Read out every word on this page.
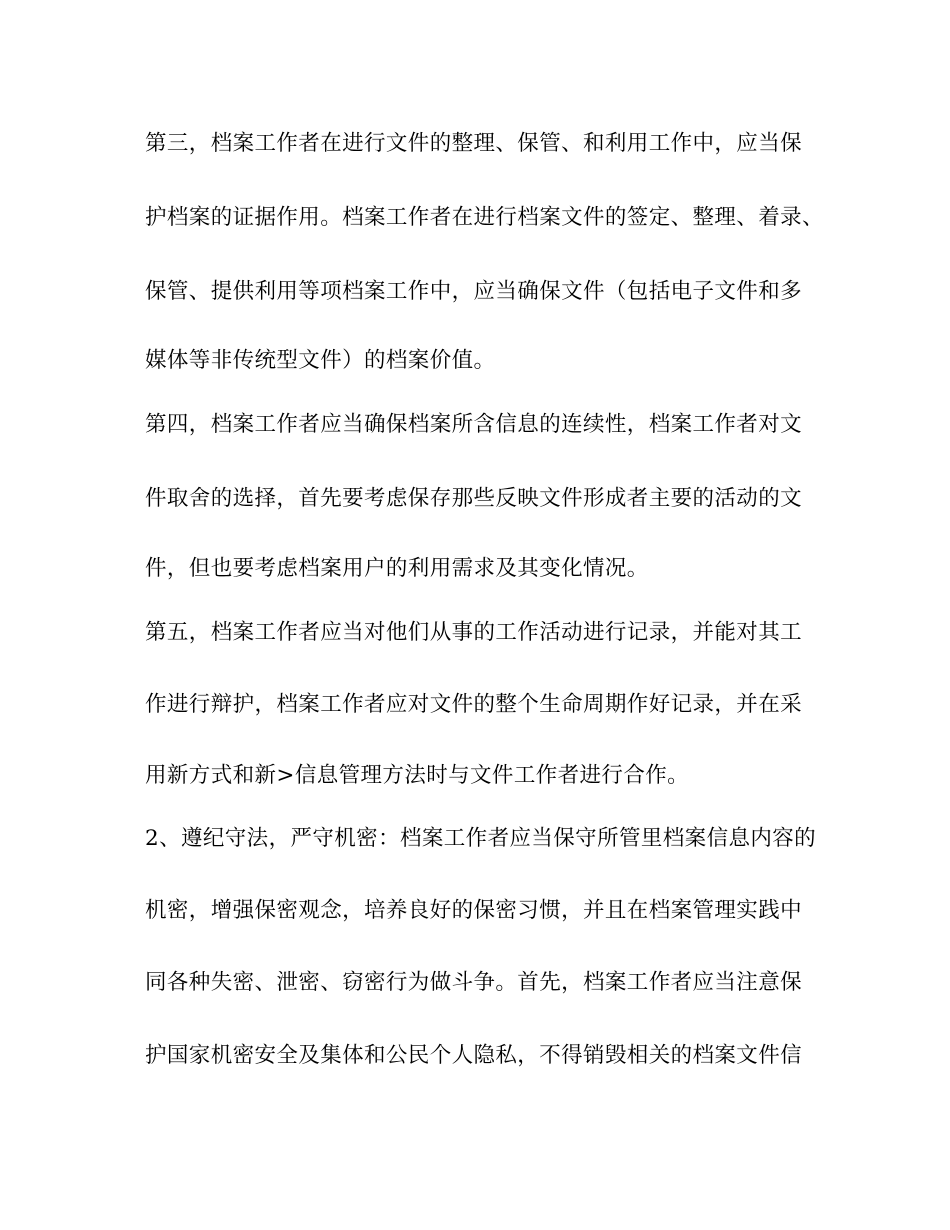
第三，档案工作者在进行文件的整理、保管、和利用工作中，应当保
护档案的证据作用。档案工作者在进行档案文件的签定、整理、着录、
保管、提供利用等项档案工作中，应当确保文件（包括电子文件和多
媒体等非传统型文件）的档案价值。
第四，档案工作者应当确保档案所含信息的连续性，档案工作者对文
件取舍的选择，首先要考虑保存那些反映文件形成者主要的活动的文
件，但也要考虑档案用户的利用需求及其变化情况。
第五，档案工作者应当对他们从事的工作活动进行记录，并能对其工
作进行辩护，档案工作者应对文件的整个生命周期作好记录，并在采
用新方式和新>信息管理方法时与文件工作者进行合作。
2、遵纪守法，严守机密：档案工作者应当保守所管里档案信息内容的
机密，增强保密观念，培养良好的保密习惯，并且在档案管理实践中
同各种失密、泄密、窃密行为做斗争。首先，档案工作者应当注意保
护国家机密安全及集体和公民个人隐私，不得销毁相关的档案文件信
